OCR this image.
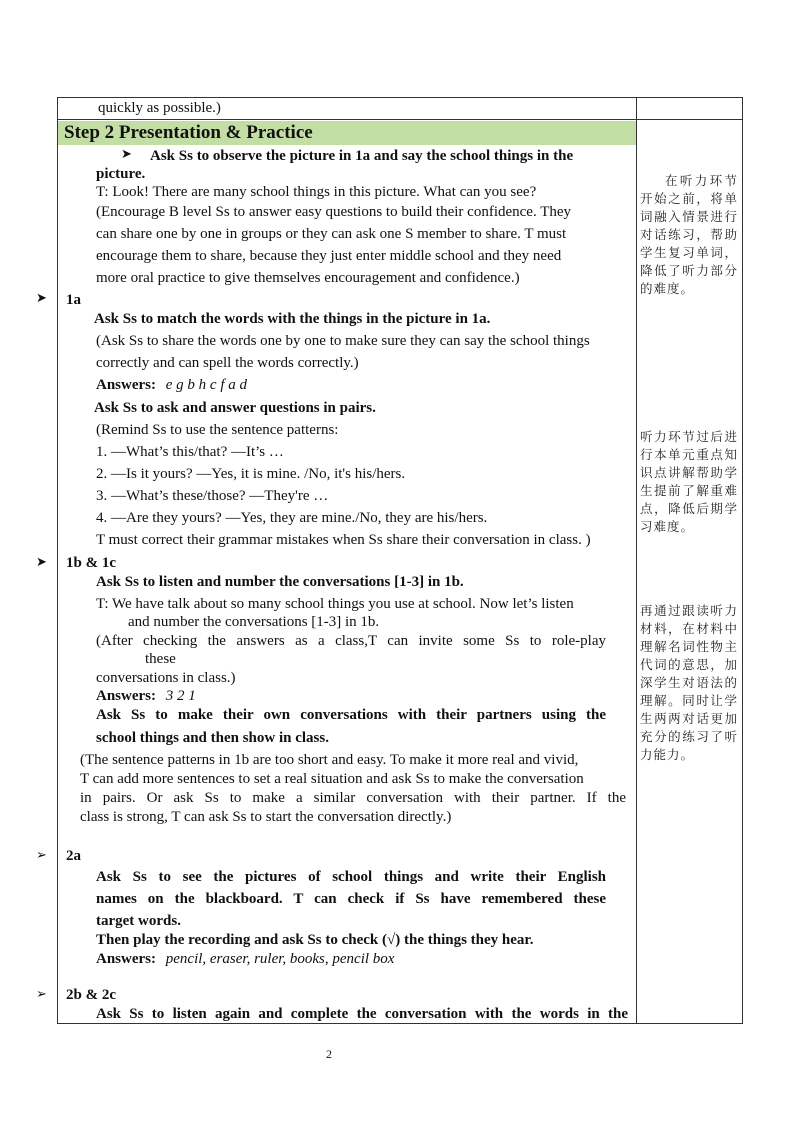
quickly as possible.)
Step 2 Presentation & Practice
➤ Ask Ss to observe the picture in 1a and say the school things in the
picture.
T: Look! There are many school things in this picture. What can you see?
(Encourage B level Ss to answer easy questions to build their confidence. They
can share one by one in groups or they can ask one S member to share. T must
encourage them to share, because they just enter middle school and they need
more oral practice to give themselves encouragement and confidence.)
➤ 1a
Ask Ss to match the words with the things in the picture in 1a.
(Ask Ss to share the words one by one to make sure they can say the school things
correctly and can spell the words correctly.)
Answers: e g b h c f a d
Ask Ss to ask and answer questions in pairs.
(Remind Ss to use the sentence patterns:
1. —What’s this/that? —It’s …
2. —Is it yours? —Yes, it is mine. /No, it's his/hers.
3. —What’s these/those? —They're …
4. —Are they yours? —Yes, they are mine./No, they are his/hers.
T must correct their grammar mistakes when Ss share their conversation in class. )
➤ 1b & 1c
Ask Ss to listen and number the conversations [1-3] in 1b.
T: We have talk about so many school things you use at school. Now let’s listen
and number the conversations [1-3] in 1b.
(After checking the answers as a class,T can invite some Ss to role-play
these
conversations in class.)
Answers: 3 2 1
Ask Ss to make their own conversations with their partners using the
school things and then show in class.
(The sentence patterns in 1b are too short and easy. To make it more real and vivid,
T can add more sentences to set a real situation and ask Ss to make the conversation
in pairs. Or ask Ss to make a similar conversation with their partner. If the
class is strong, T can ask Ss to start the conversation directly.)
➢ 2a
Ask Ss to see the pictures of school things and write their English
names on the blackboard. T can check if Ss have remembered these
target words.
Then play the recording and ask Ss to check (√) the things they hear.
Answers: pencil, eraser, ruler, books, pencil box
➢ 2b & 2c
Ask Ss to listen again and complete the conversation with the words in the
在听力环节开始之前，将单词融入情景进行对话练习，帮助学生复习单词，降低了听力部分的难度。
听力环节过后进行本单元重点知识点讲解帮助学生提前了解重难点，降低后期学习难度。
再通过跟读听力材料，在材料中理解名词性物主代词的意思，加深学生对语法的理解。同时让学生两两对话更加充分的练习了听力能力。
2
